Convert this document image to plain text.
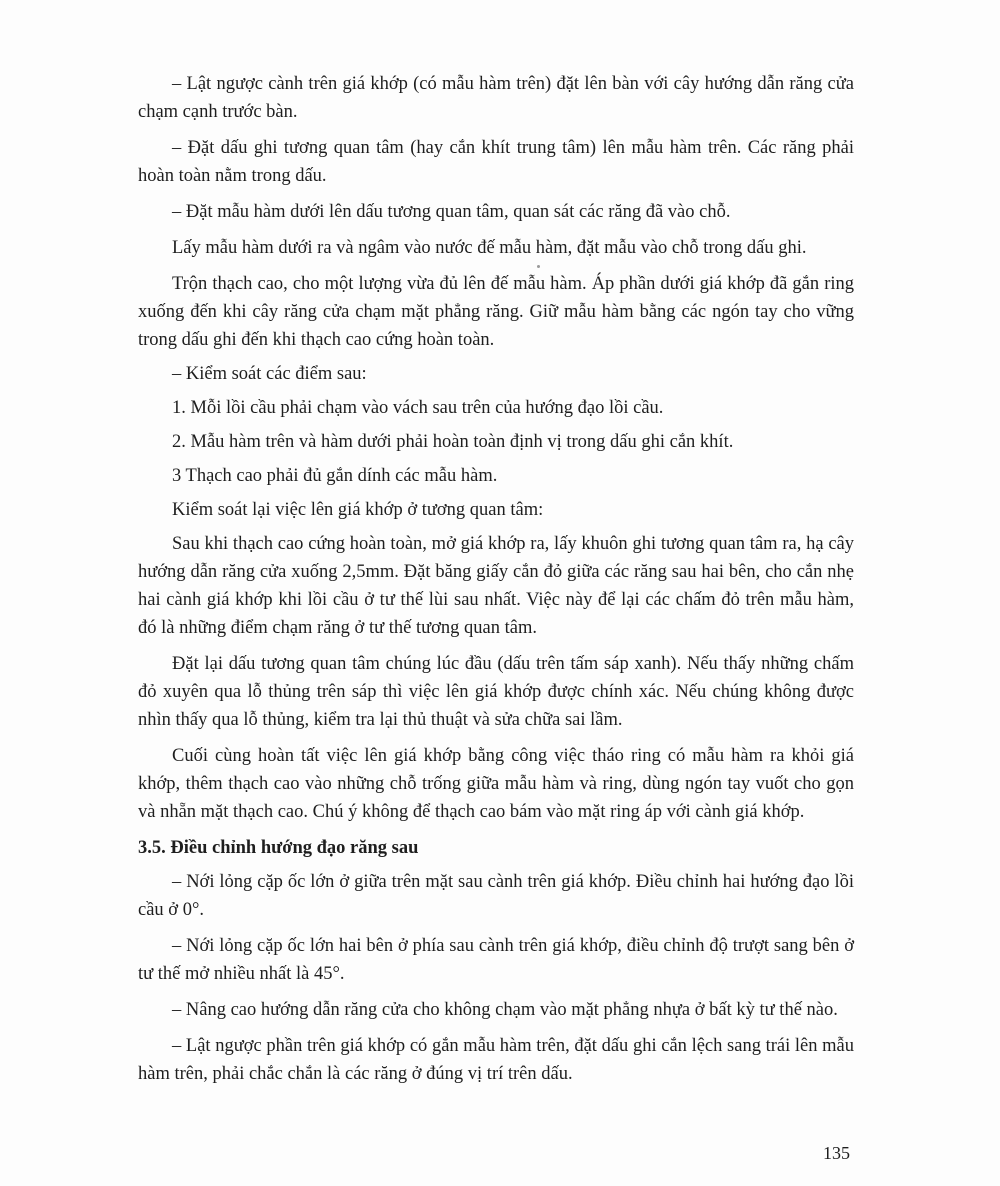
– Lật ngược cành trên giá khớp (có mẫu hàm trên) đặt lên bàn với cây hướng dẫn răng cửa chạm cạnh trước bàn.

– Đặt dấu ghi tương quan tâm (hay cắn khít trung tâm) lên mẫu hàm trên. Các răng phải hoàn toàn nằm trong dấu.

– Đặt mẫu hàm dưới lên dấu tương quan tâm, quan sát các răng đã vào chỗ.

Lấy mẫu hàm dưới ra và ngâm vào nước đế mẫu hàm, đặt mẫu vào chỗ trong dấu ghi.

Trộn thạch cao, cho một lượng vừa đủ lên đế mẫu hàm. Áp phần dưới giá khớp đã gắn ring xuống đến khi cây răng cửa chạm mặt phẳng răng. Giữ mẫu hàm bằng các ngón tay cho vững trong dấu ghi đến khi thạch cao cứng hoàn toàn.

– Kiểm soát các điểm sau:

1. Mỗi lồi cầu phải chạm vào vách sau trên của hướng đạo lồi cầu.

2. Mẫu hàm trên và hàm dưới phải hoàn toàn định vị trong dấu ghi cắn khít.

3 Thạch cao phải đủ gắn dính các mẫu hàm.

Kiểm soát lại việc lên giá khớp ở tương quan tâm:

Sau khi thạch cao cứng hoàn toàn, mở giá khớp ra, lấy khuôn ghi tương quan tâm ra, hạ cây hướng dẫn răng cửa xuống 2,5mm. Đặt băng giấy cắn đỏ giữa các răng sau hai bên, cho cắn nhẹ hai cành giá khớp khi lồi cầu ở tư thế lùi sau nhất. Việc này để lại các chấm đỏ trên mẫu hàm, đó là những điểm chạm răng ở tư thế tương quan tâm.

Đặt lại dấu tương quan tâm chúng lúc đầu (dấu trên tấm sáp xanh). Nếu thấy những chấm đỏ xuyên qua lỗ thủng trên sáp thì việc lên giá khớp được chính xác. Nếu chúng không được nhìn thấy qua lỗ thủng, kiểm tra lại thủ thuật và sửa chữa sai lầm.

Cuối cùng hoàn tất việc lên giá khớp bằng công việc tháo ring có mẫu hàm ra khỏi giá khớp, thêm thạch cao vào những chỗ trống giữa mẫu hàm và ring, dùng ngón tay vuốt cho gọn và nhẵn mặt thạch cao. Chú ý không để thạch cao bám vào mặt ring áp với cành giá khớp.

3.5. Điều chỉnh hướng đạo răng sau

– Nới lỏng cặp ốc lớn ở giữa trên mặt sau cành trên giá khớp. Điều chỉnh hai hướng đạo lồi cầu ở 0°.

– Nới lỏng cặp ốc lớn hai bên ở phía sau cành trên giá khớp, điều chỉnh độ trượt sang bên ở tư thế mở nhiều nhất là 45°.

– Nâng cao hướng dẫn răng cửa cho không chạm vào mặt phẳng nhựa ở bất kỳ tư thế nào.

– Lật ngược phần trên giá khớp có gắn mẫu hàm trên, đặt dấu ghi cắn lệch sang trái lên mẫu hàm trên, phải chắc chắn là các răng ở đúng vị trí trên dấu.

135
